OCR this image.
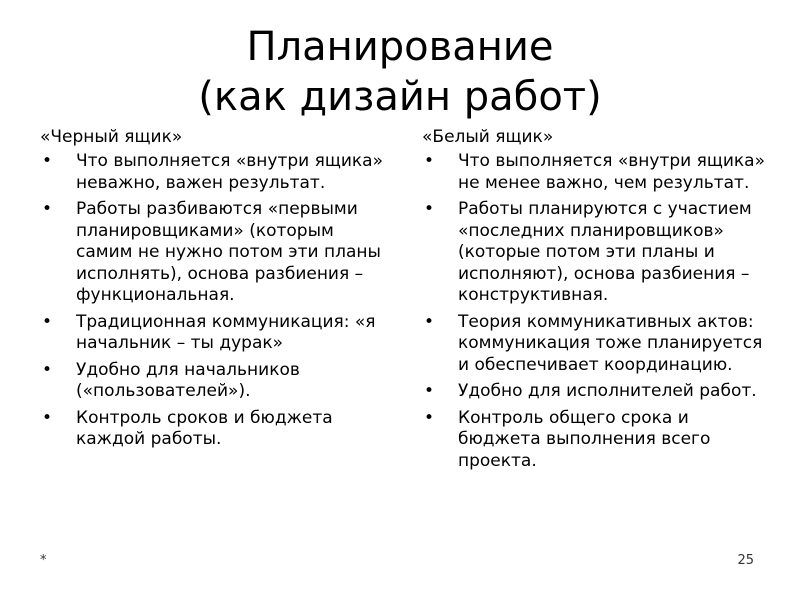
Планирование
(как дизайн работ)
«Черный ящик»
• Что выполняется «внутри ящика» неважно, важен результат.
• Работы разбиваются «первыми планировщиками» (которым самим не нужно потом эти планы исполнять), основа разбиения – функциональная.
• Традиционная коммуникация: «я начальник – ты дурак»
• Удобно для начальников («пользователей»).
• Контроль сроков и бюджета каждой работы.
«Белый ящик»
• Что выполняется «внутри ящика» не менее важно, чем результат.
• Работы планируются с участием «последних планировщиков» (которые потом эти планы и исполняют), основа разбиения – конструктивная.
• Теория коммуникативных актов: коммуникация тоже планируется и обеспечивает координацию.
• Удобно для исполнителей работ.
• Контроль общего срока и бюджета выполнения всего проекта.
*	25
